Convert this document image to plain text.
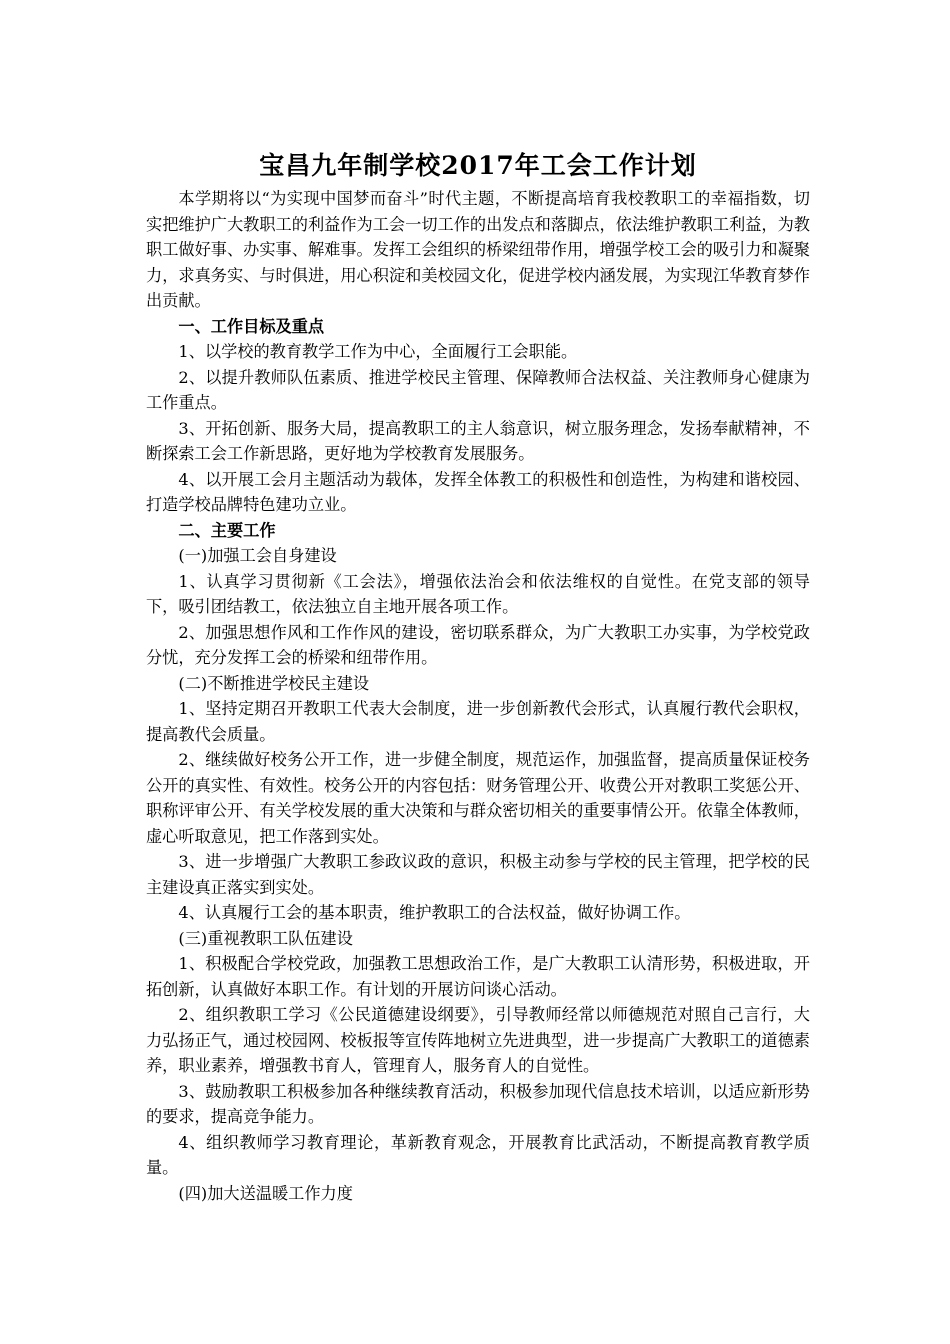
宝昌九年制学校2017年工会工作计划

本学期将以“为实现中国梦而奋斗”时代主题，不断提高培育我校教职工的幸福指数，切实把维护广大教职工的利益作为工会一切工作的出发点和落脚点，依法维护教职工利益，为教职工做好事、办实事、解难事。发挥工会组织的桥梁纽带作用，增强学校工会的吸引力和凝聚力，求真务实、与时俱进，用心积淀和美校园文化，促进学校内涵发展，为实现江华教育梦作出贡献。

一、工作目标及重点

1、以学校的教育教学工作为中心，全面履行工会职能。

2、以提升教师队伍素质、推进学校民主管理、保障教师合法权益、关注教师身心健康为工作重点。

3、开拓创新、服务大局，提高教职工的主人翁意识，树立服务理念，发扬奉献精神，不断探索工会工作新思路，更好地为学校教育发展服务。

4、以开展工会月主题活动为载体，发挥全体教工的积极性和创造性，为构建和谐校园、打造学校品牌特色建功立业。

二、主要工作

(一)加强工会自身建设

1、认真学习贯彻新《工会法》，增强依法治会和依法维权的自觉性。在党支部的领导下，吸引团结教工，依法独立自主地开展各项工作。

2、加强思想作风和工作作风的建设，密切联系群众，为广大教职工办实事，为学校党政分忧，充分发挥工会的桥梁和纽带作用。

(二)不断推进学校民主建设

1、坚持定期召开教职工代表大会制度，进一步创新教代会形式，认真履行教代会职权，提高教代会质量。

2、继续做好校务公开工作，进一步健全制度，规范运作，加强监督，提高质量保证校务公开的真实性、有效性。校务公开的内容包括：财务管理公开、收费公开对教职工奖惩公开、职称评审公开、有关学校发展的重大决策和与群众密切相关的重要事情公开。依靠全体教师，虚心听取意见，把工作落到实处。

3、进一步增强广大教职工参政议政的意识，积极主动参与学校的民主管理，把学校的民主建设真正落实到实处。

4、认真履行工会的基本职责，维护教职工的合法权益，做好协调工作。

(三)重视教职工队伍建设

1、积极配合学校党政，加强教工思想政治工作，是广大教职工认清形势，积极进取，开拓创新，认真做好本职工作。有计划的开展访问谈心活动。

2、组织教职工学习《公民道德建设纲要》，引导教师经常以师德规范对照自己言行，大力弘扬正气，通过校园网、校板报等宣传阵地树立先进典型，进一步提高广大教职工的道德素养，职业素养，增强教书育人，管理育人，服务育人的自觉性。

3、鼓励教职工积极参加各种继续教育活动，积极参加现代信息技术培训，以适应新形势的要求，提高竞争能力。

4、组织教师学习教育理论，革新教育观念，开展教育比武活动，不断提高教育教学质量。

(四)加大送温暖工作力度
